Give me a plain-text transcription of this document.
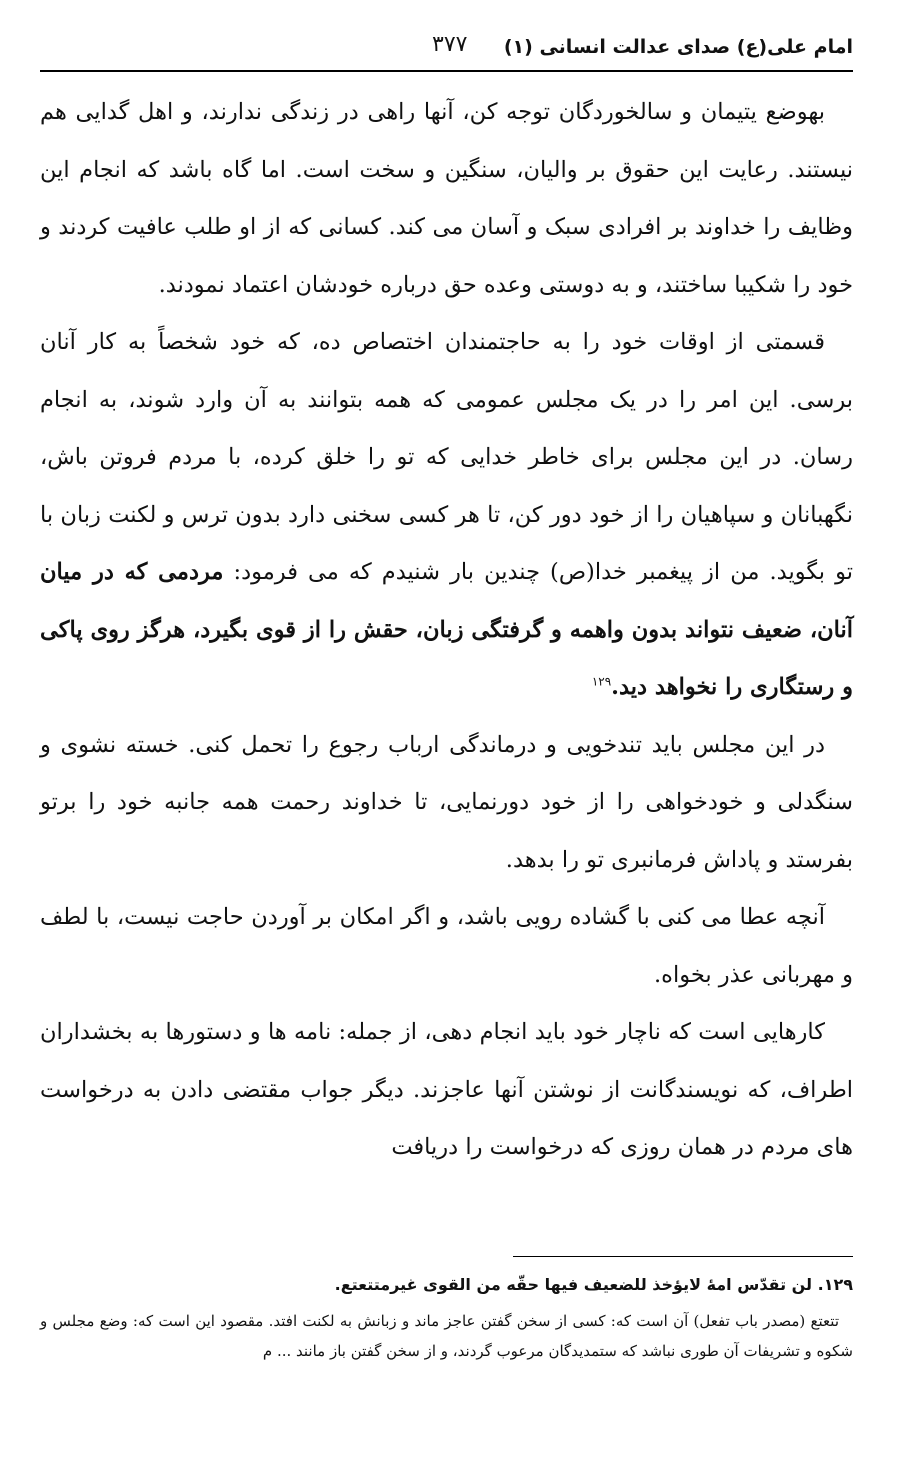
امام علی(ع) صدای عدالت انسانی (۱)
۳۷۷

بهوضع یتیمان و سالخوردگان توجه کن، آنها راهی در زندگی ندارند، و اهل گدایی هم نیستند. رعایت این حقوق بر والیان، سنگین و سخت است. اما گاه باشد که انجام این وظایف را خداوند بر افرادی سبک و آسان می کند. کسانی که از او طلب عافیت کردند و خود را شکیبا ساختند، و به دوستی وعده حق درباره خودشان اعتماد نمودند.

قسمتی از اوقات خود را به حاجتمندان اختصاص ده، که خود شخصاً به کار آنان برسی. این امر را در یک مجلس عمومی که همه بتوانند به آن وارد شوند، به انجام رسان. در این مجلس برای خاطر خدایی که تو را خلق کرده، با مردم فروتن باش، نگهبانان و سپاهیان را از خود دور کن، تا هر کسی سخنی دارد بدون ترس و لکنت زبان با تو بگوید. من از پیغمبر خدا(ص) چندین بار شنیدم که می فرمود: مردمی که در میان آنان، ضعیف نتواند بدون واهمه و گرفتگی زبان، حقش را از قوی بگیرد، هرگز روی پاکی و رستگاری را نخواهد دید.$^{۱۲۹}$

در این مجلس باید تندخویی و درماندگی ارباب رجوع را تحمل کنی. خسته نشوی و سنگدلی و خودخواهی را از خود دورنمایی، تا خداوند رحمت همه جانبه خود را برتو بفرستد و پاداش فرمانبری تو را بدهد.

آنچه عطا می کنی با گشاده رویی باشد، و اگر امکان بر آوردن حاجت نیست، با لطف و مهربانی عذر بخواه.

کارهایی است که ناچار خود باید انجام دهی، از جمله: نامه ها و دستورها به بخشداران اطراف، که نویسندگانت از نوشتن آنها عاجزند. دیگر جواب مقتضی دادن به درخواست های مردم در همان روزی که درخواست را دریافت

۱۲۹. لن تقدّس امهٔ لایؤخذ للضعیف فیها حقّه من القوی غیرمتتعتع.

تتعتع (مصدر باب تفعل) آن است که: کسی از سخن گفتن عاجز ماند و زبانش به لکنت افتد. مقصود این است که: وضع مجلس و شکوه و تشریفات آن طوری نباشد که ستمدیدگان مرعوب گردند، و از سخن گفتن باز مانند ... م
